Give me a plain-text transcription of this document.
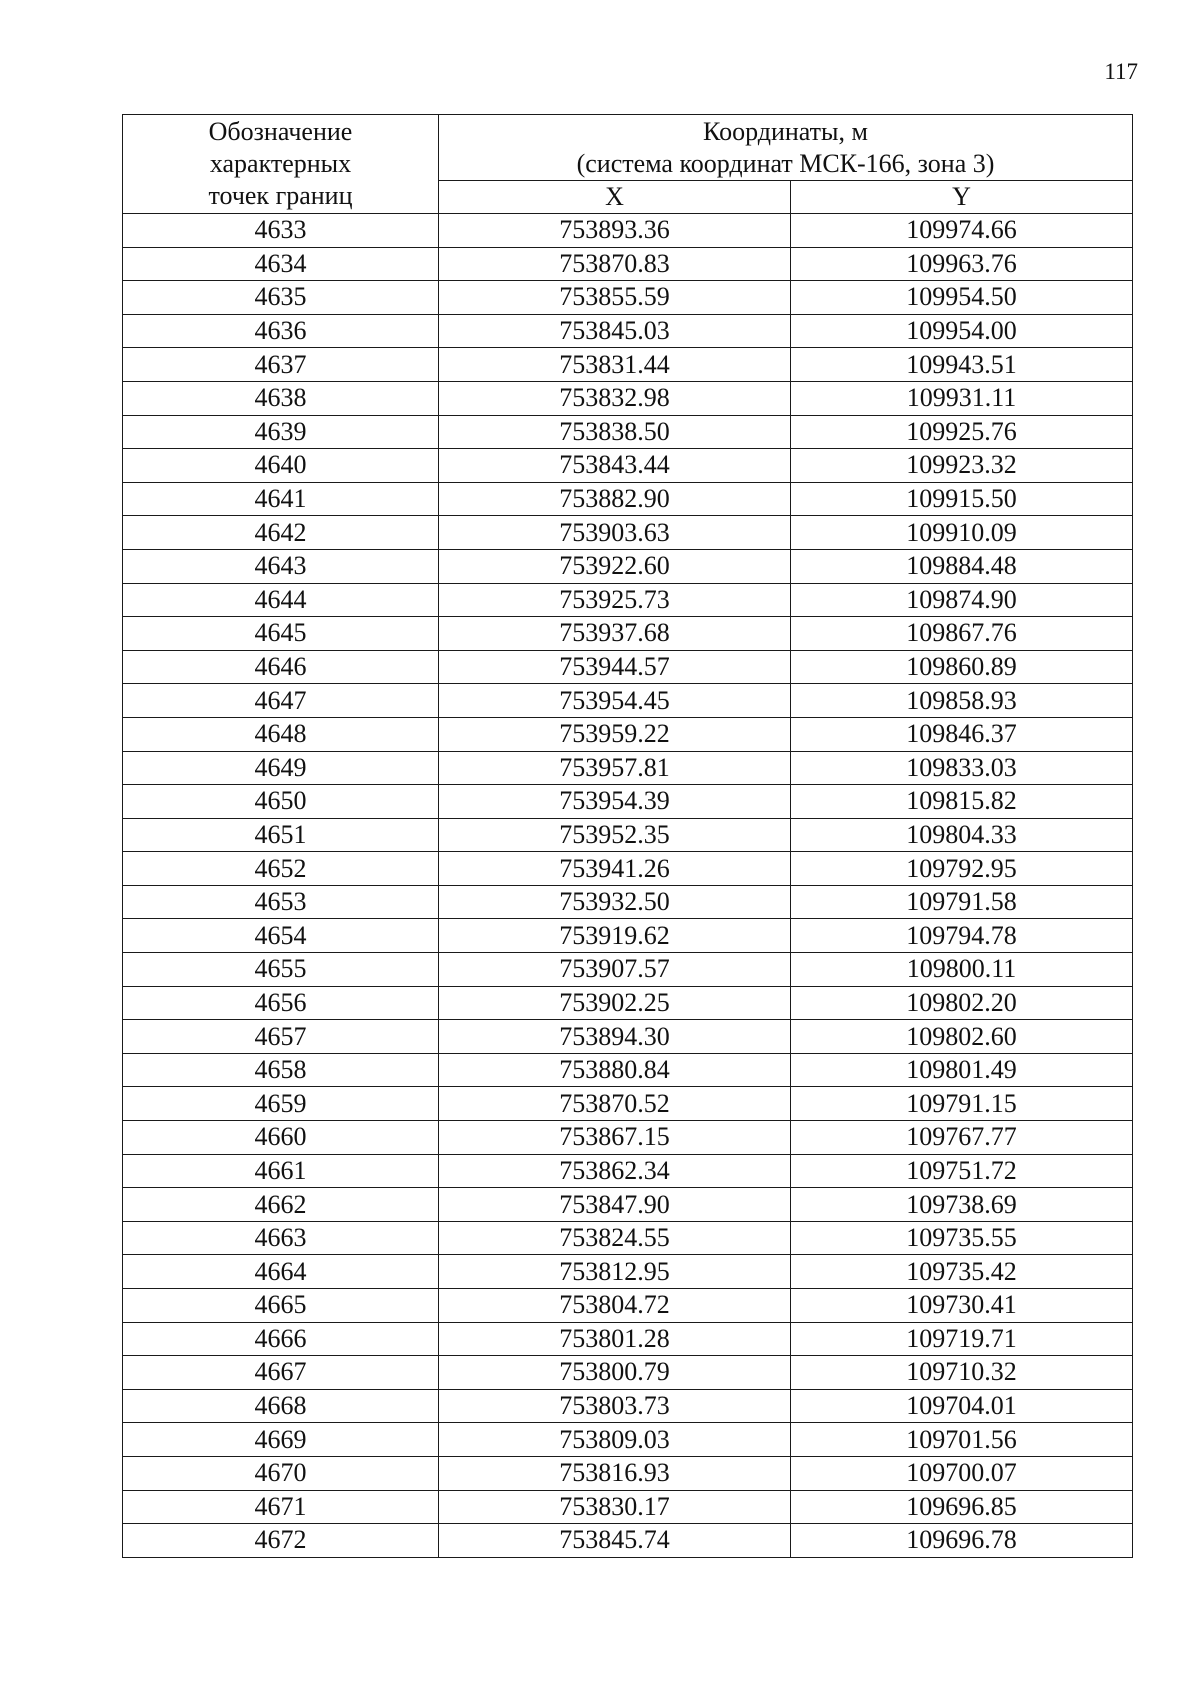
117
Обозначение
характерных
точек границ	Координаты, м
(система координат МСК-166, зона 3)	

	X	Y
4633	753893.36	109974.66
4634	753870.83	109963.76
4635	753855.59	109954.50
4636	753845.03	109954.00
4637	753831.44	109943.51
4638	753832.98	109931.11
4639	753838.50	109925.76
4640	753843.44	109923.32
4641	753882.90	109915.50
4642	753903.63	109910.09
4643	753922.60	109884.48
4644	753925.73	109874.90
4645	753937.68	109867.76
4646	753944.57	109860.89
4647	753954.45	109858.93
4648	753959.22	109846.37
4649	753957.81	109833.03
4650	753954.39	109815.82
4651	753952.35	109804.33
4652	753941.26	109792.95
4653	753932.50	109791.58
4654	753919.62	109794.78
4655	753907.57	109800.11
4656	753902.25	109802.20
4657	753894.30	109802.60
4658	753880.84	109801.49
4659	753870.52	109791.15
4660	753867.15	109767.77
4661	753862.34	109751.72
4662	753847.90	109738.69
4663	753824.55	109735.55
4664	753812.95	109735.42
4665	753804.72	109730.41
4666	753801.28	109719.71
4667	753800.79	109710.32
4668	753803.73	109704.01
4669	753809.03	109701.56
4670	753816.93	109700.07
4671	753830.17	109696.85
4672	753845.74	109696.78
